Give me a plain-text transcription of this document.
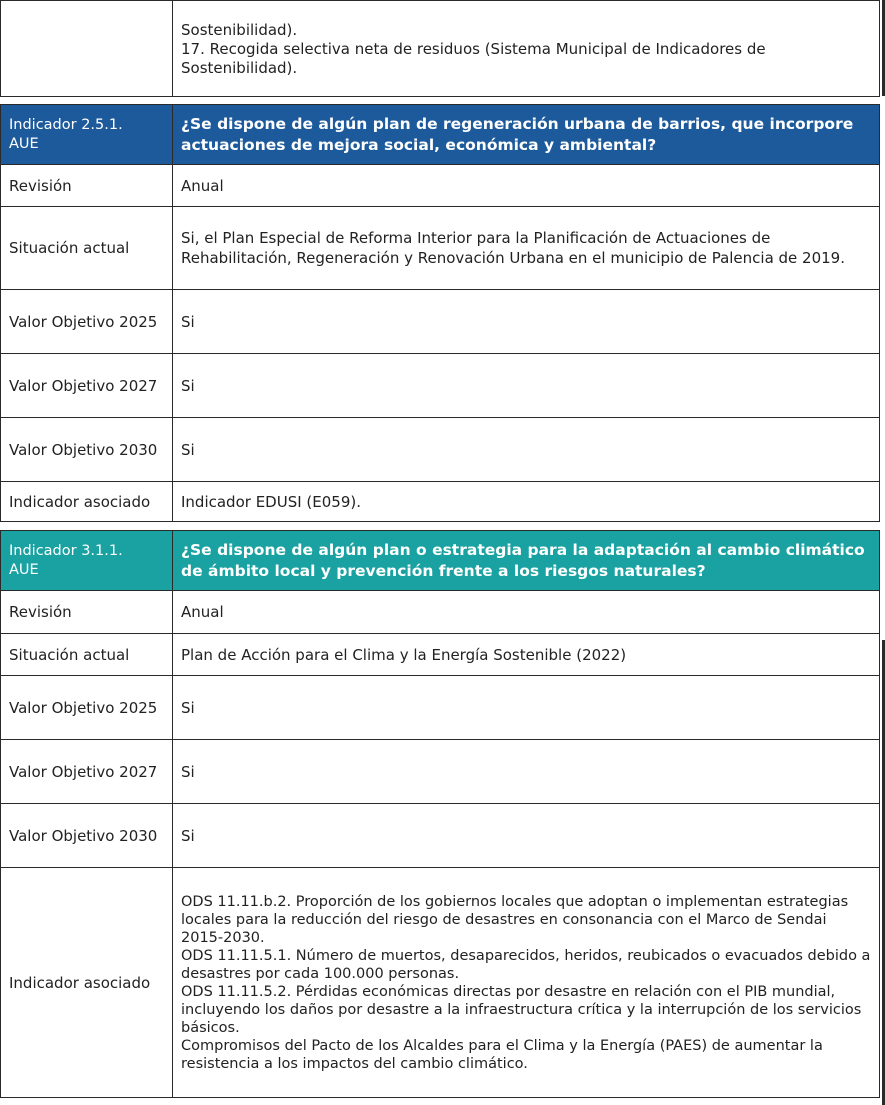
Sostenibilidad).
17. Recogida selectiva neta de residuos (Sistema Municipal de Indicadores de
Sostenibilidad).
Indicador 2.5.1.
AUE	¿Se dispone de algún plan de regeneración urbana de barrios, que incorpore actuaciones de mejora social, económica y ambiental?
Revisión	Anual
Situación actual	Si, el Plan Especial de Reforma Interior para la Planificación de Actuaciones de Rehabilitación, Regeneración y Renovación Urbana en el municipio de Palencia de 2019.
Valor Objetivo 2025	Si
Valor Objetivo 2027	Si
Valor Objetivo 2030	Si
Indicador asociado	Indicador EDUSI (E059).
Indicador 3.1.1.
AUE	¿Se dispone de algún plan o estrategia para la adaptación al cambio climático de ámbito local y prevención frente a los riesgos naturales?
Revisión	Anual
Situación actual	Plan de Acción para el Clima y la Energía Sostenible (2022)
Valor Objetivo 2025	Si
Valor Objetivo 2027	Si
Valor Objetivo 2030	Si
Indicador asociado	ODS 11.11.b.2. Proporción de los gobiernos locales que adoptan o implementan estrategias locales para la reducción del riesgo de desastres en consonancia con el Marco de Sendai 2015-2030.
ODS 11.11.5.1. Número de muertos, desaparecidos, heridos, reubicados o evacuados debido a desastres por cada 100.000 personas.
ODS 11.11.5.2. Pérdidas económicas directas por desastre en relación con el PIB mundial, incluyendo los daños por desastre a la infraestructura crítica y la interrupción de los servicios básicos.
Compromisos del Pacto de los Alcaldes para el Clima y la Energía (PAES) de aumentar la resistencia a los impactos del cambio climático.
